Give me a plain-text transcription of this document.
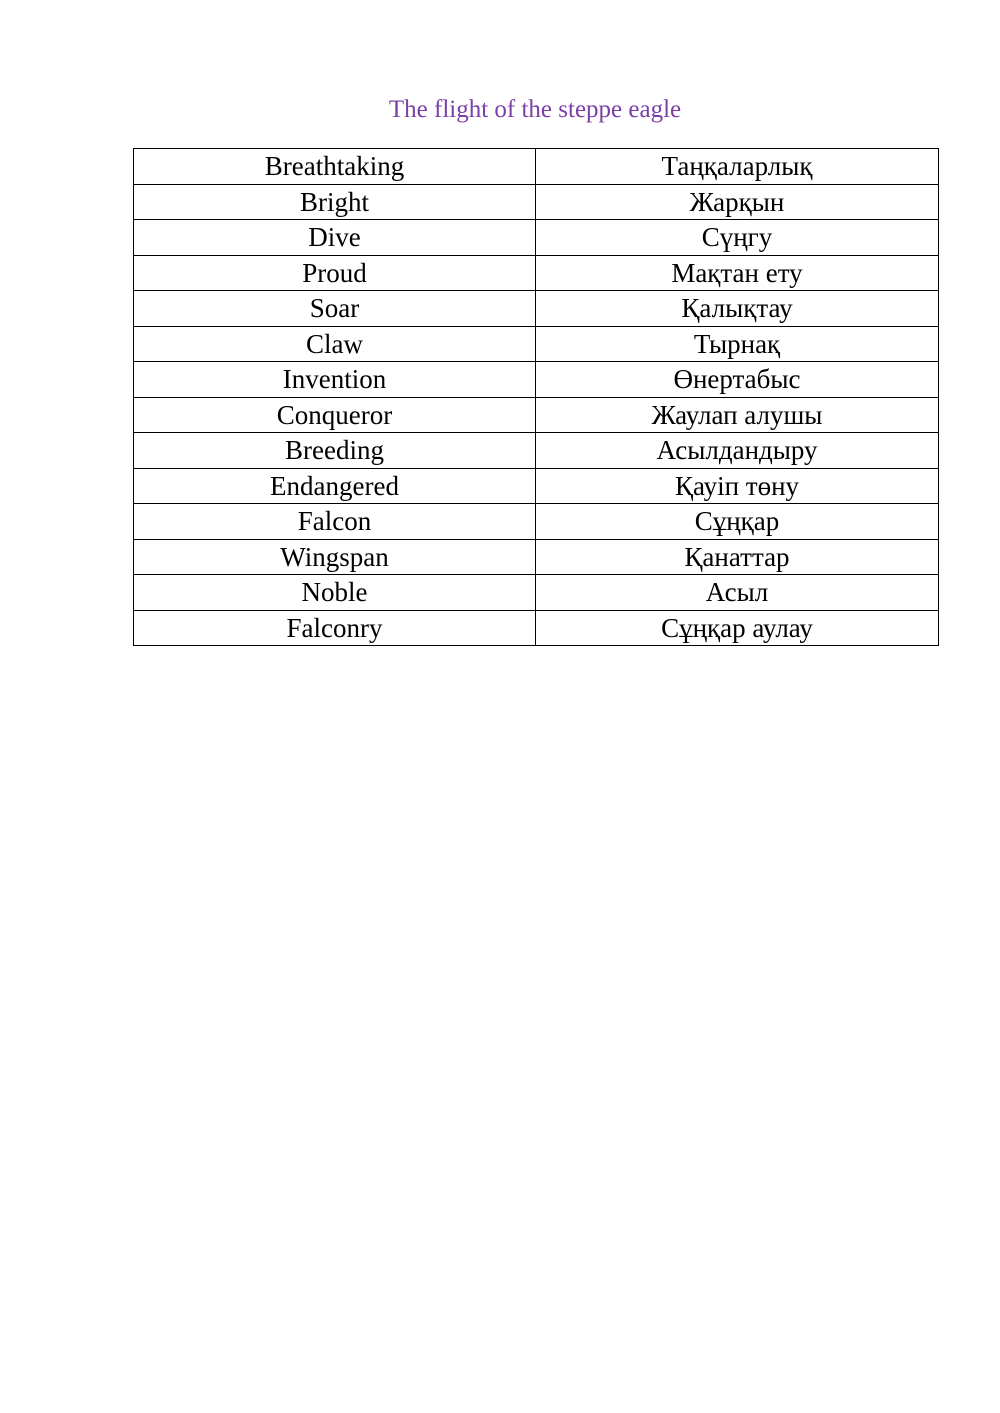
The flight of the steppe eagle
Breathtaking	Таңқаларлық
Bright	Жарқын
Dive	Сүңгу
Proud	Мақтан ету
Soar	Қалықтау
Claw	Тырнақ
Invention	Өнертабыс
Conqueror	Жаулап алушы
Breeding	Асылдандыру
Endangered	Қауіп төну
Falcon	Сұңқар
Wingspan	Қанаттар
Noble	Асыл
Falconry	Сұңқар аулау
